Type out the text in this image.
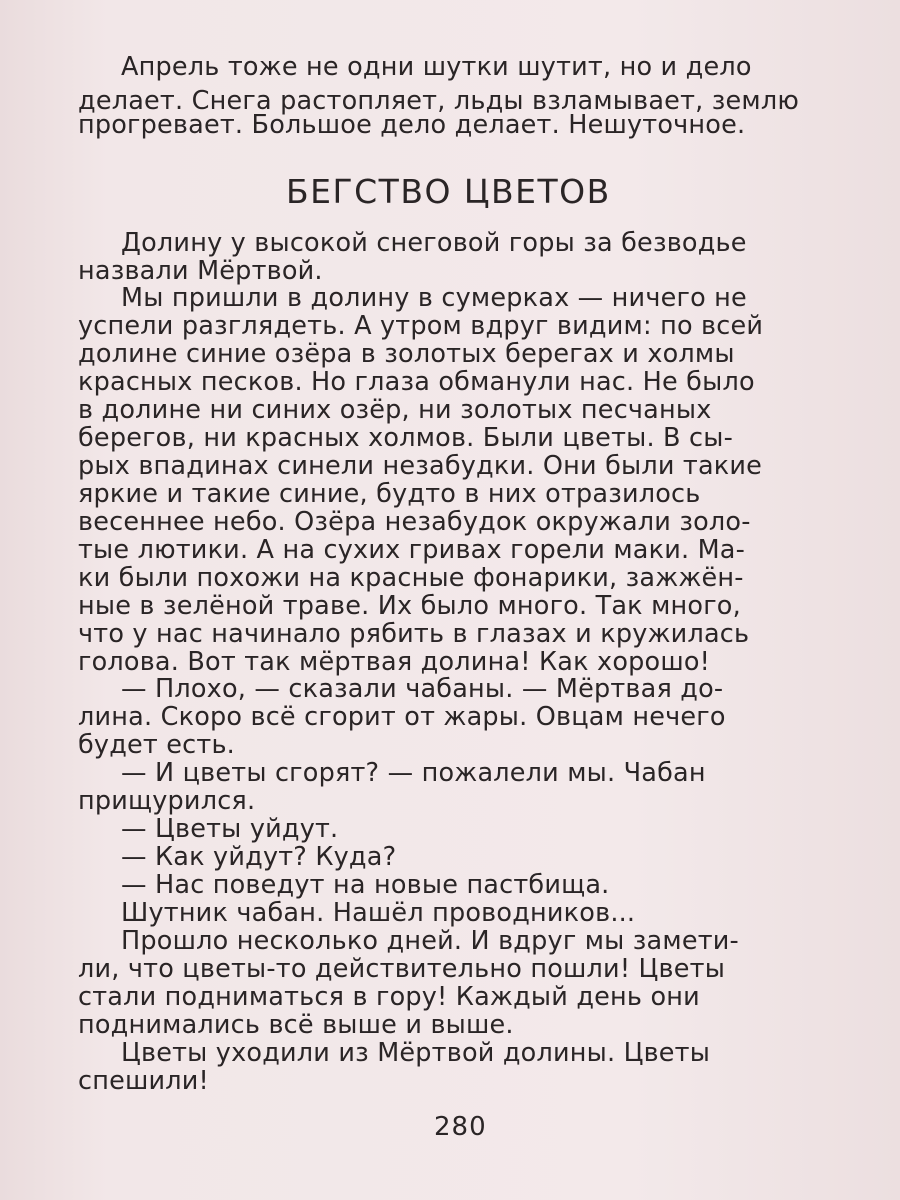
Апрель тоже не одни шутки шутит, но и дело
делает. Снега растопляет, льды взламывает, землю
прогревает. Большое дело делает. Нешуточное.
БЕГСТВО ЦВЕТОВ
Долину у высокой снеговой горы за безводье
назвали Мёртвой.
Мы пришли в долину в сумерках — ничего не
успели разглядеть. А утром вдруг видим: по всей
долине синие озёра в золотых берегах и холмы
красных песков. Но глаза обманули нас. Не было
в долине ни синих озёр, ни золотых песчаных
берегов, ни красных холмов. Были цветы. В сы-
рых впадинах синели незабудки. Они были такие
яркие и такие синие, будто в них отразилось
весеннее небо. Озёра незабудок окружали золо-
тые лютики. А на сухих гривах горели маки. Ма-
ки были похожи на красные фонарики, зажжён-
ные в зелёной траве. Их было много. Так много,
что у нас начинало рябить в глазах и кружилась
голова. Вот так мёртвая долина! Как хорошо!
— Плохо, — сказали чабаны. — Мёртвая до-
лина. Скоро всё сгорит от жары. Овцам нечего
будет есть.
— И цветы сгорят? — пожалели мы. Чабан
прищурился.
— Цветы уйдут.
— Как уйдут? Куда?
— Нас поведут на новые пастбища.
Шутник чабан. Нашёл проводников...
Прошло несколько дней. И вдруг мы замети-
ли, что цветы-то действительно пошли! Цветы
стали подниматься в гору! Каждый день они
поднимались всё выше и выше.
Цветы уходили из Мёртвой долины. Цветы
спешили!
280
